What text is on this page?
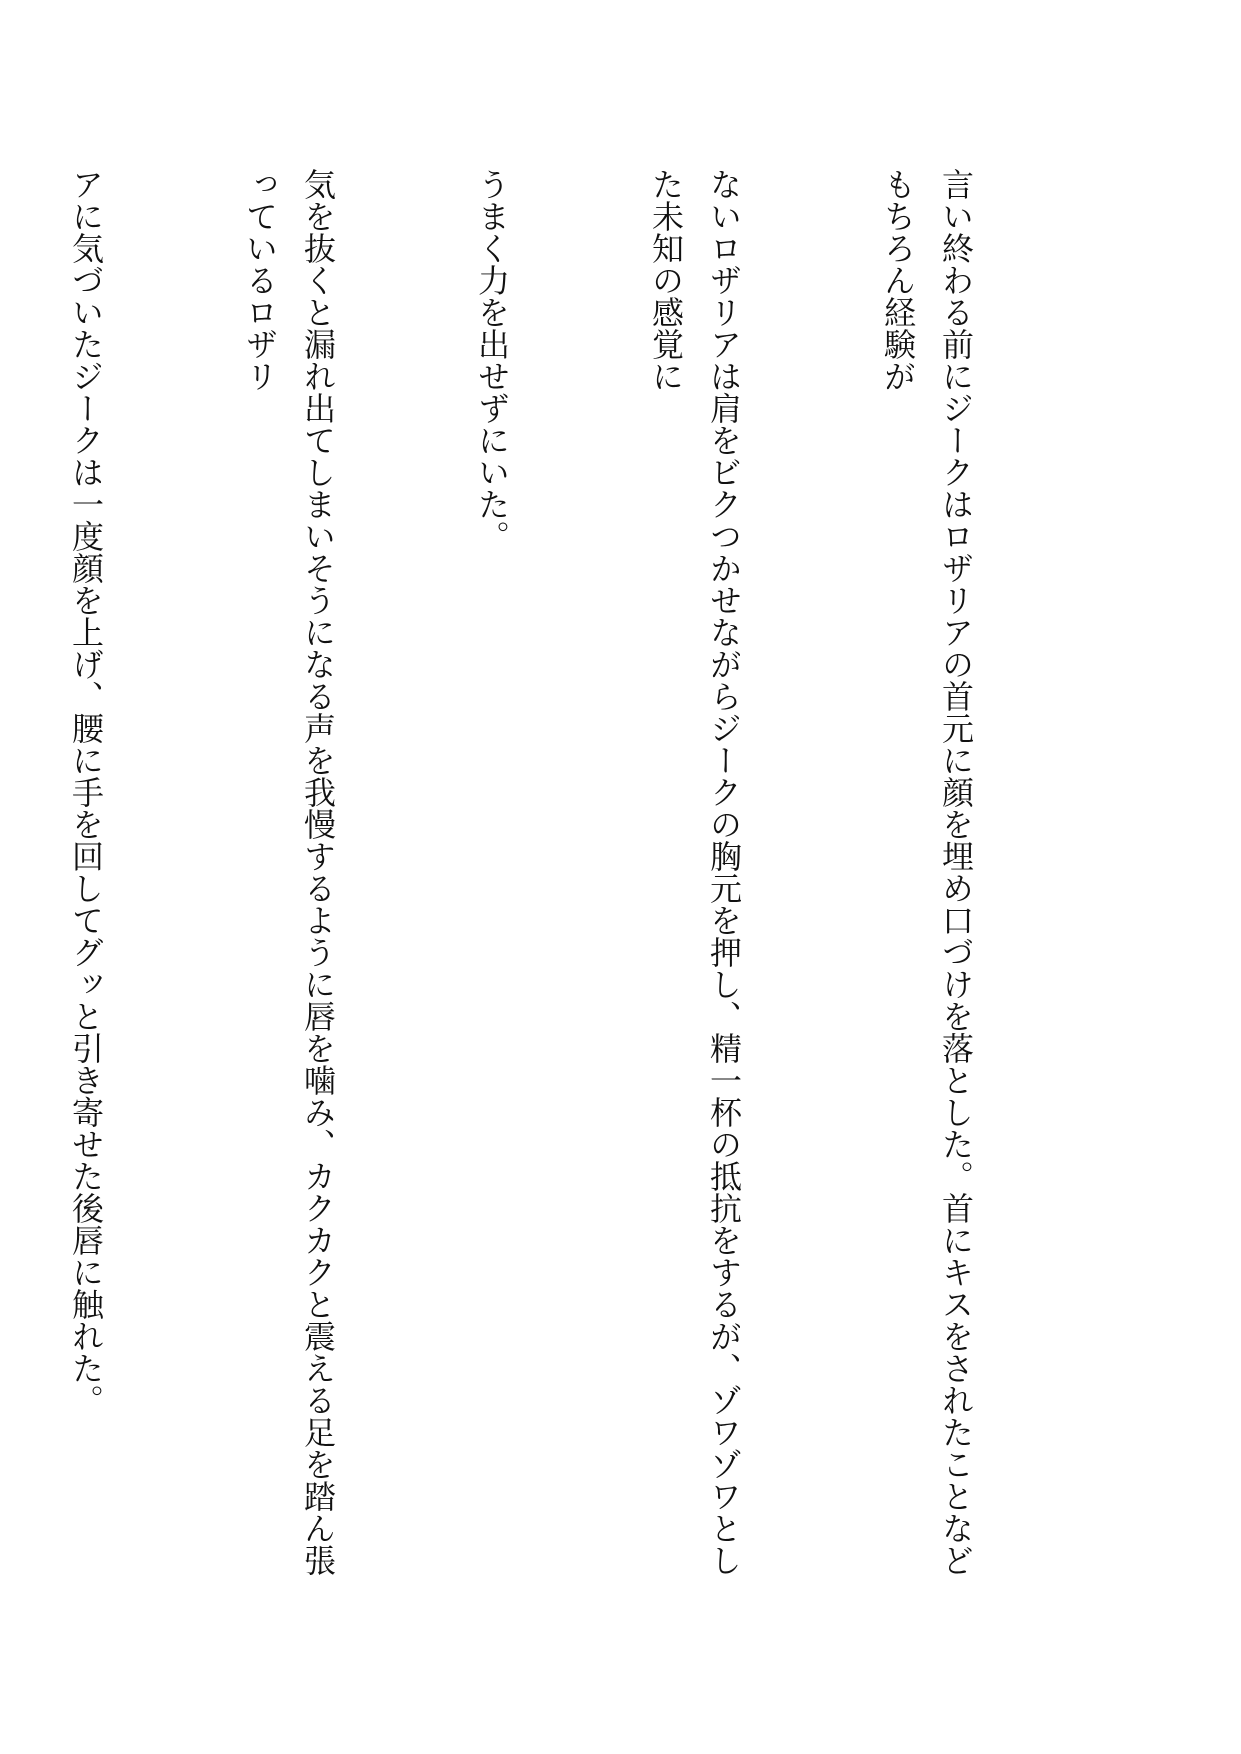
言い終わる前にジークはロザリアの首元に顔を埋め口づけを落とした。首にキスをされたことなどもちろん経験が

ないロザリアは肩をビクつかせながらジークの胸元を押し、精一杯の抵抗をするが、ゾワゾワとした未知の感覚に

うまく力を出せずにいた。

気を抜くと漏れ出てしまいそうになる声を我慢するように唇を噛み、カクカクと震える足を踏ん張っているロザリ

アに気づいたジークは一度顔を上げ、腰に手を回してグッと引き寄せた後唇に触れた。
